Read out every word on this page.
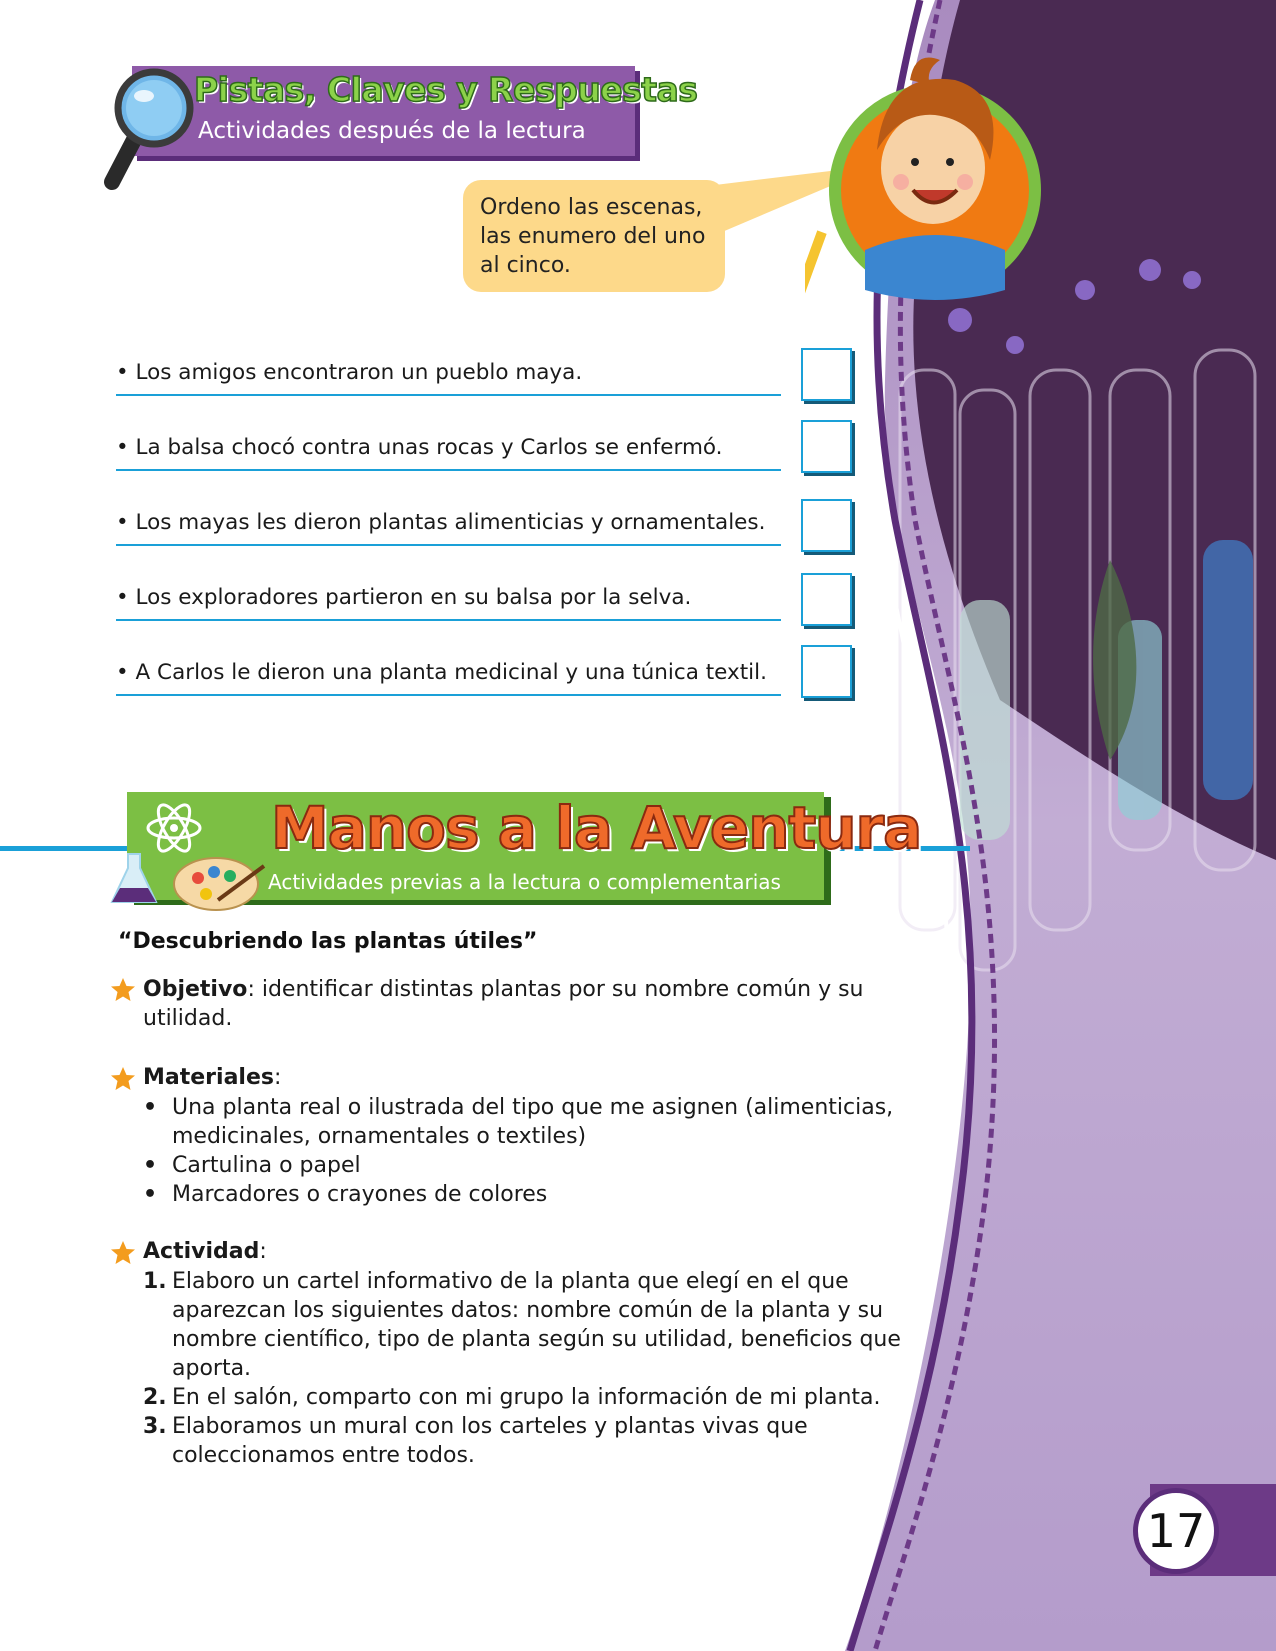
Pistas, Claves y Respuestas
Actividades después de la lectura
Ordeno las escenas, las enumero del uno al cinco.
• Los amigos encontraron un pueblo maya.
• La balsa chocó contra unas rocas y Carlos se enfermó.
• Los mayas les dieron plantas alimenticias y ornamentales.
• Los exploradores partieron en su balsa por la selva.
• A Carlos le dieron una planta medicinal y una túnica textil.
Manos a la Aventura
Actividades previas a la lectura o complementarias
“Descubriendo las plantas útiles”
Objetivo: identificar distintas plantas por su nombre común y su utilidad.
Materiales:
• Una planta real o ilustrada del tipo que me asignen (alimenticias, medicinales, ornamentales o textiles)
• Cartulina o papel
• Marcadores o crayones de colores
Actividad:
1. Elaboro un cartel informativo de la planta que elegí en el que aparezcan los siguientes datos: nombre común de la planta y su nombre científico, tipo de planta según su utilidad, beneficios que aporta.
2. En el salón, comparto con mi grupo la información de mi planta.
3. Elaboramos un mural con los carteles y plantas vivas que coleccionamos entre todos.
17
